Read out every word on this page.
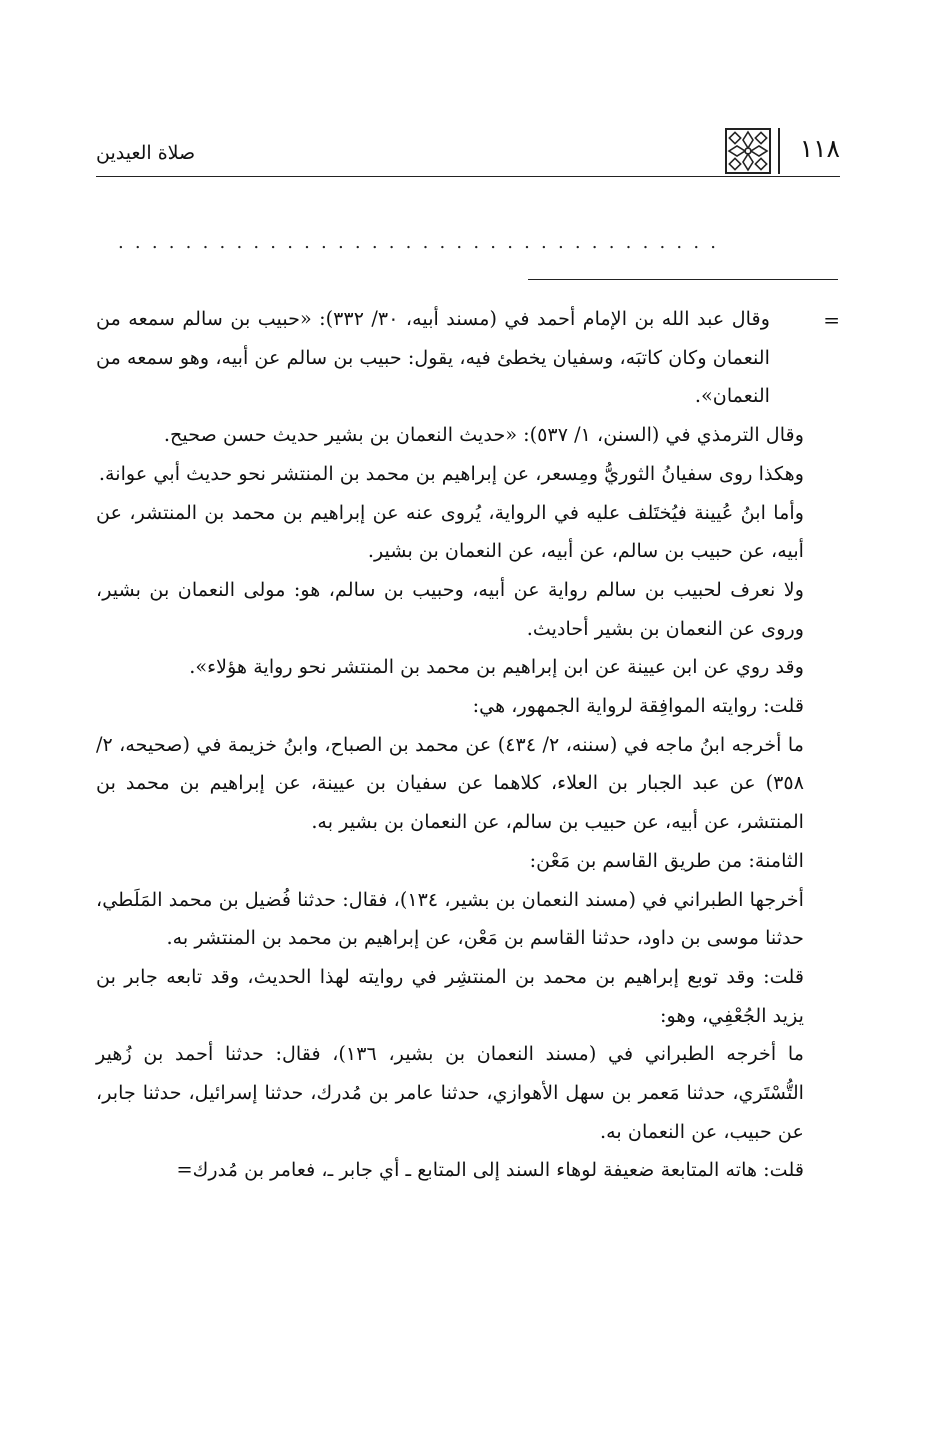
١١٨
صلاة العيدين
....................................
=

وقال عبد الله بن الإمام أحمد في (مسند أبيه، ٣٠/ ٣٣٢): «حبيب بن سالم سمعه من النعمان وكان كاتبَه، وسفيان يخطئ فيه، يقول: حبيب بن سالم عن أبيه، وهو سمعه من النعمان».

وقال الترمذي في (السنن، ١/ ٥٣٧): «حديث النعمان بن بشير حديث حسن صحيح.

وهكذا روى سفيانُ الثوريُّ ومِسعر، عن إبراهيم بن محمد بن المنتشر نحو حديث أبي عوانة.

وأما ابنُ عُيينة فيُختَلف عليه في الرواية، يُروى عنه عن إبراهيم بن محمد بن المنتشر، عن أبيه، عن حبيب بن سالم، عن أبيه، عن النعمان بن بشير.

ولا نعرف لحبيب بن سالم رواية عن أبيه، وحبيب بن سالم، هو: مولى النعمان بن بشير، وروى عن النعمان بن بشير أحاديث.

وقد روي عن ابن عيينة عن ابن إبراهيم بن محمد بن المنتشر نحو رواية هؤلاء».

قلت: روايته الموافِقة لرواية الجمهور، هي:

ما أخرجه ابنُ ماجه في (سننه، ٢/ ٤٣٤) عن محمد بن الصباح، وابنُ خزيمة في (صحيحه، ٢/ ٣٥٨) عن عبد الجبار بن العلاء، كلاهما عن سفيان بن عيينة، عن إبراهيم بن محمد بن المنتشر، عن أبيه، عن حبيب بن سالم، عن النعمان بن بشير به.

الثامنة: من طريق القاسم بن مَعْن:

أخرجها الطبراني في (مسند النعمان بن بشير، ١٣٤)، فقال: حدثنا فُضيل بن محمد المَلَطي، حدثنا موسى بن داود، حدثنا القاسم بن مَعْن، عن إبراهيم بن محمد بن المنتشر به.

قلت: وقد توبع إبراهيم بن محمد بن المنتشِر في روايته لهذا الحديث، وقد تابعه جابر بن يزيد الجُعْفِي، وهو:

ما أخرجه الطبراني في (مسند النعمان بن بشير، ١٣٦)، فقال: حدثنا أحمد بن زُهير التُّسْتَري، حدثنا مَعمر بن سهل الأهوازي، حدثنا عامر بن مُدرك، حدثنا إسرائيل، حدثنا جابر، عن حبيب، عن النعمان به.

قلت: هاته المتابعة ضعيفة لوهاء السند إلى المتابع ـ أي جابر ـ، فعامر بن مُدرك=
